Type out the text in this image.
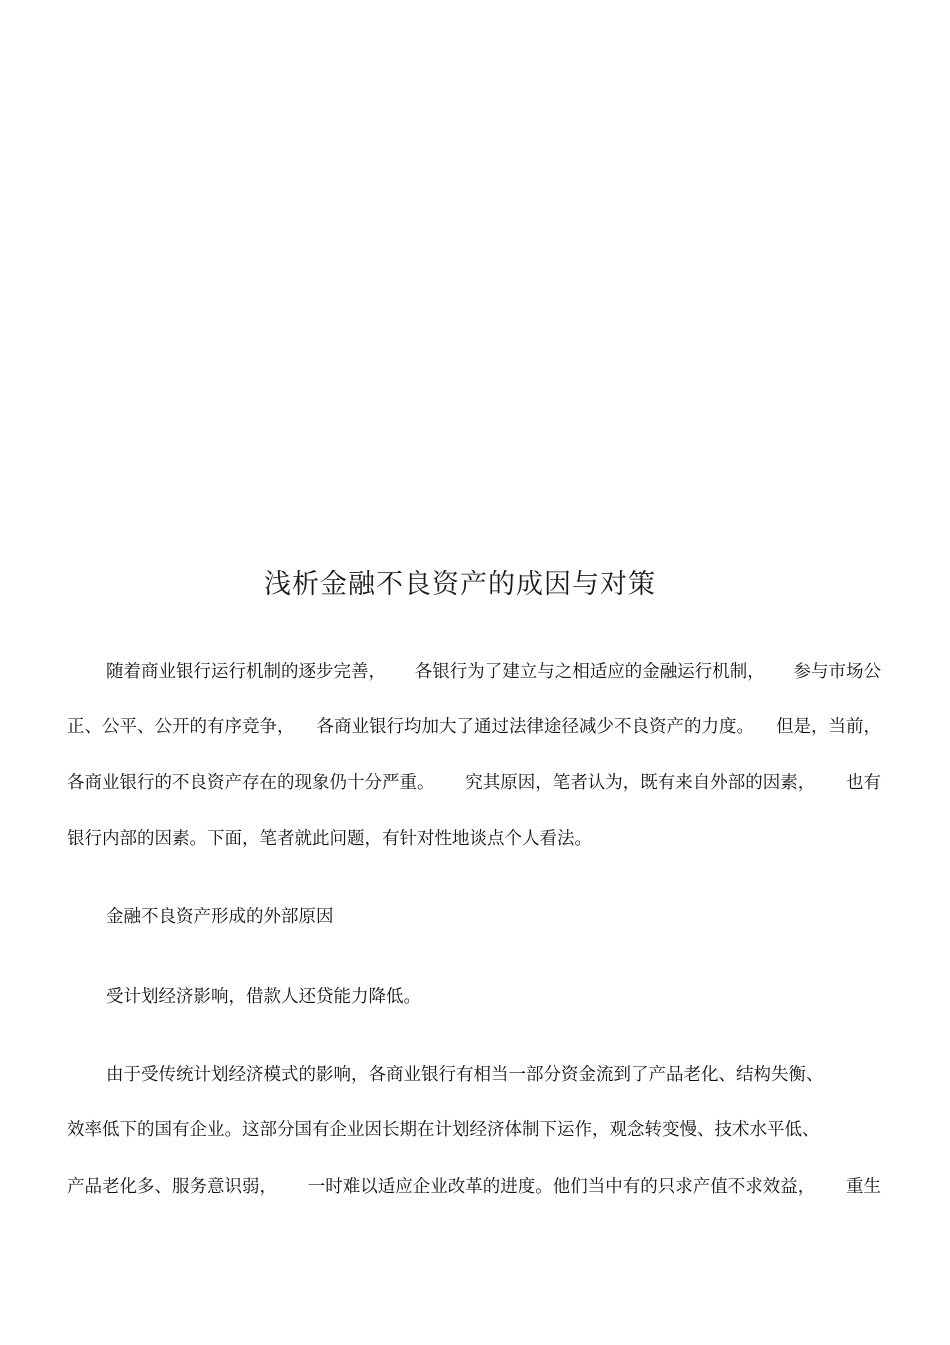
浅析金融不良资产的成因与对策
随着商业银行运行机制的逐步完善， 各银行为了建立与之相适应的金融运行机制， 参与市场公
正、公平、公开的有序竞争， 各商业银行均加大了通过法律途径减少不良资产的力度。 但是，当前，
各商业银行的不良资产存在的现象仍十分严重。 究其原因，笔者认为，既有来自外部的因素， 也有
银行内部的因素。下面，笔者就此问题，有针对性地谈点个人看法。
金融不良资产形成的外部原因
受计划经济影响，借款人还贷能力降低。
由于受传统计划经济模式的影响，各商业银行有相当一部分资金流到了产品老化、结构失衡、
效率低下的国有企业。这部分国有企业因长期在计划经济体制下运作，观念转变慢、技术水平低、
产品老化多、服务意识弱， 一时难以适应企业改革的进度。他们当中有的只求产值不求效益， 重生
